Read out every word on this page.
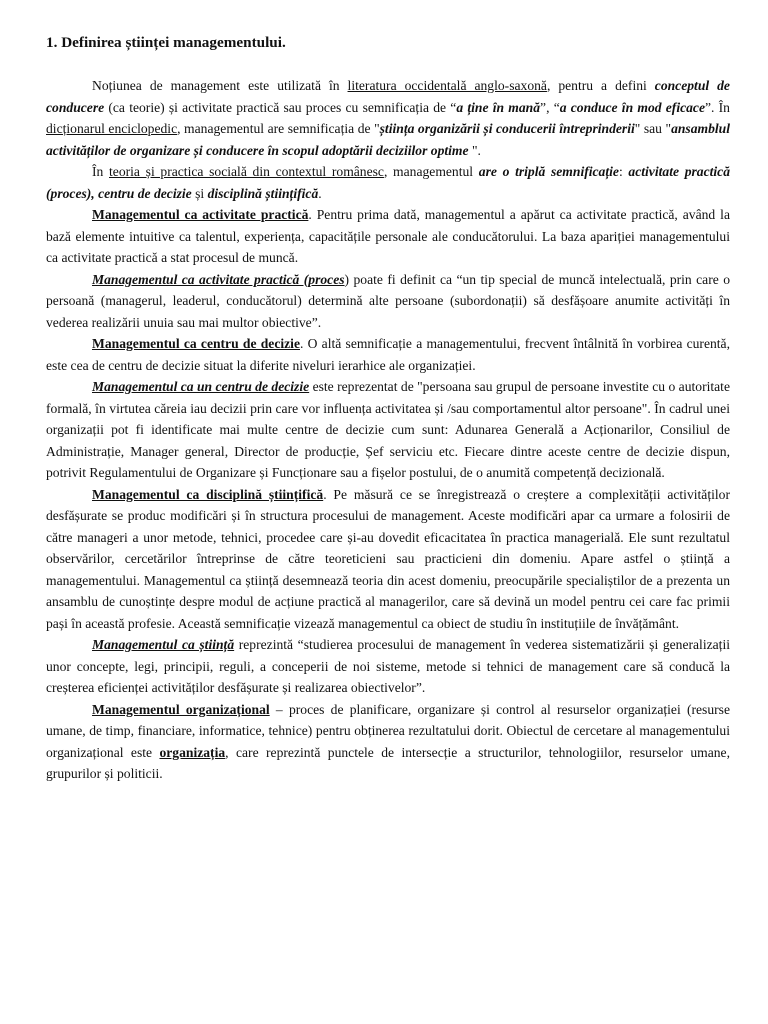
1. Definirea științei managementului.

Noțiunea de management este utilizată în literatura occidentală anglo-saxonă, pentru a defini conceptul de conducere (ca teorie) și activitate practică sau proces cu semnificația de “a ține în mană”, “a conduce în mod eficace”. În dicționarul enciclopedic, managementul are semnificația de "știința organizării și conducerii întreprinderii" sau "ansamblul activităților de organizare și conducere în scopul adoptării deciziilor optime ".

În teoria și practica socială din contextul românesc, managementul are o triplă semnificație: activitate practică (proces), centru de decizie și disciplină științifică.

Managementul ca activitate practică. Pentru prima dată, managementul a apărut ca activitate practică, având la bază elemente intuitive ca talentul, experiența, capacitățile personale ale conducătorului. La baza apariției managementului ca activitate practică a stat procesul de muncă.

Managementul ca activitate practică (proces) poate fi definit ca “un tip special de muncă intelectuală, prin care o persoană (managerul, leaderul, conducătorul) determină alte persoane (subordonații) să desfășoare anumite activități în vederea realizării unuia sau mai multor obiective”.

Managementul ca centru de decizie. O altă semnificație a managementului, frecvent întâlnită în vorbirea curentă, este cea de centru de decizie situat la diferite niveluri ierarhice ale organizației.

Managementul ca un centru de decizie este reprezentat de "persoana sau grupul de persoane investite cu o autoritate formală, în virtutea căreia iau decizii prin care vor influența activitatea și /sau comportamentul altor persoane". În cadrul unei organizații pot fi identificate mai multe centre de decizie cum sunt: Adunarea Generală a Acționarilor, Consiliul de Administrație, Manager general, Director de producție, Șef serviciu etc. Fiecare dintre aceste centre de decizie dispun, potrivit Regulamentului de Organizare și Funcționare sau a fișelor postului, de o anumită competență decizională.

Managementul ca disciplină științifică. Pe măsură ce se înregistrează o creștere a complexității activităților desfășurate se produc modificări și în structura procesului de management. Aceste modificări apar ca urmare a folosirii de către manageri a unor metode, tehnici, procedee care și-au dovedit eficacitatea în practica managerială. Ele sunt rezultatul observărilor, cercetărilor întreprinse de către teoreticieni sau practicieni din domeniu. Apare astfel o știință a managementului. Managementul ca știință desemnează teoria din acest domeniu, preocupările specialiștilor de a prezenta un ansamblu de cunoștințe despre modul de acțiune practică al managerilor, care să devină un model pentru cei care fac primii pași în această profesie. Această semnificație vizează managementul ca obiect de studiu în instituțiile de învățământ.

Managementul ca știință reprezintă “studierea procesului de management în vederea sistematizării și generalizații unor concepte, legi, principii, reguli, a conceperii de noi sisteme, metode si tehnici de management care să conducă la creșterea eficienței activităților desfășurate și realizarea obiectivelor”.

Managementul organizațional – proces de planificare, organizare și control al resurselor organizației (resurse umane, de timp, financiare, informatice, tehnice) pentru obținerea rezultatului dorit. Obiectul de cercetare al managementului organizațional este organizația, care reprezintă punctele de intersecție a structurilor, tehnologiilor, resurselor umane, grupurilor și politicii.
